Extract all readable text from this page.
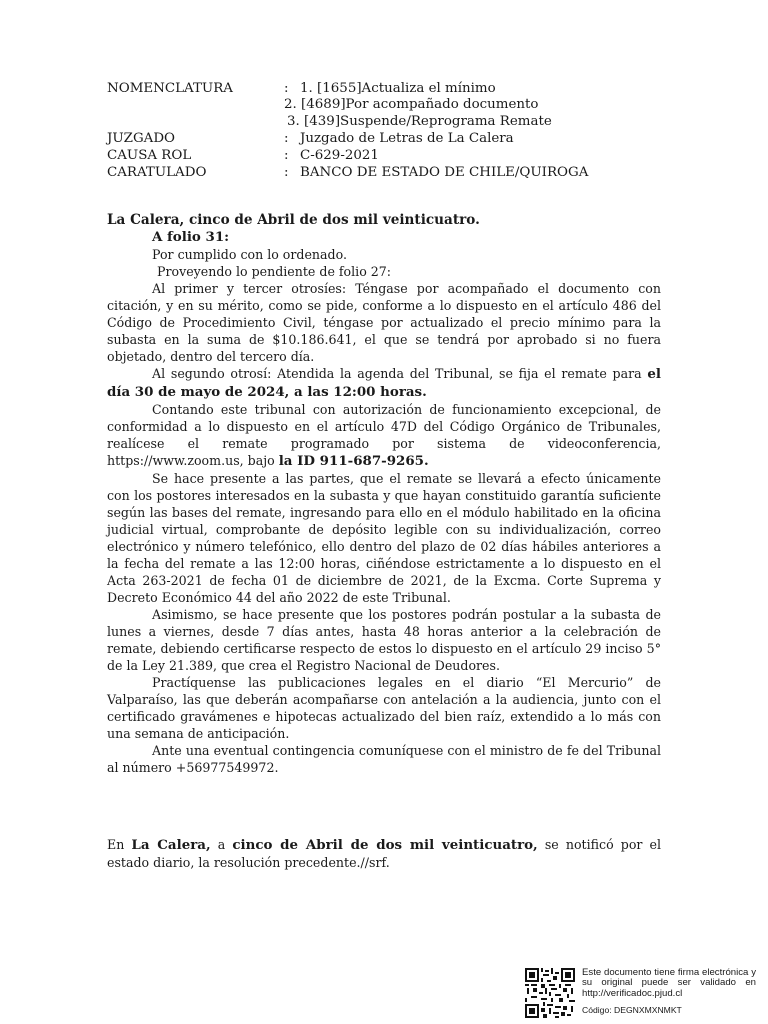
NOMENCLATURA	: 1. [1655]Actualiza el mínimo
2. [4689]Por acompañado documento
3. [439]Suspende/Reprograma Remate
JUZGADO	: Juzgado de Letras de La Calera
CAUSA ROL	: C-629-2021
CARATULADO	: BANCO DE ESTADO DE CHILE/QUIROGA

La Calera, cinco de Abril de dos mil veinticuatro.

A folio 31:

Por cumplido con lo ordenado.

Proveyendo lo pendiente de folio 27:

Al primer y tercer otrosíes: Téngase por acompañado el documento con citación, y en su mérito, como se pide, conforme a lo dispuesto en el artículo 486 del Código de Procedimiento Civil, téngase por actualizado el precio mínimo para la subasta en la suma de $10.186.641, el que se tendrá por aprobado si no fuera objetado, dentro del tercero día.

Al segundo otrosí: Atendida la agenda del Tribunal, se fija el remate para el día 30 de mayo de 2024, a las 12:00 horas.

Contando este tribunal con autorización de funcionamiento excepcional, de conformidad a lo dispuesto en el artículo 47D del Código Orgánico de Tribunales, realícese el remate programado por sistema de videoconferencia, https://www.zoom.us, bajo la ID 911-687-9265.

Se hace presente a las partes, que el remate se llevará a efecto únicamente con los postores interesados en la subasta y que hayan constituido garantía suficiente según las bases del remate, ingresando para ello en el módulo habilitado en la oficina judicial virtual, comprobante de depósito legible con su individualización, correo electrónico y número telefónico, ello dentro del plazo de 02 días hábiles anteriores a la fecha del remate a las 12:00 horas, ciñéndose estrictamente a lo dispuesto en el Acta 263-2021 de fecha 01 de diciembre de 2021, de la Excma. Corte Suprema y Decreto Económico 44 del año 2022 de este Tribunal.

Asimismo, se hace presente que los postores podrán postular a la subasta de lunes a viernes, desde 7 días antes, hasta 48 horas anterior a la celebración de remate, debiendo certificarse respecto de estos lo dispuesto en el artículo 29 inciso 5° de la Ley 21.389, que crea el Registro Nacional de Deudores.

Practíquense las publicaciones legales en el diario “El Mercurio” de Valparaíso, las que deberán acompañarse con antelación a la audiencia, junto con el certificado gravámenes e hipotecas actualizado del bien raíz, extendido a lo más con una semana de anticipación.

Ante una eventual contingencia comuníquese con el ministro de fe del Tribunal al número +56977549972.

En La Calera, a cinco de Abril de dos mil veinticuatro, se notificó por el estado diario, la resolución precedente.//srf.
Este documento tiene firma electrónica y su original puede ser validado en http://verificadoc.pjud.cl
Código: DEGNXMXNMKT
